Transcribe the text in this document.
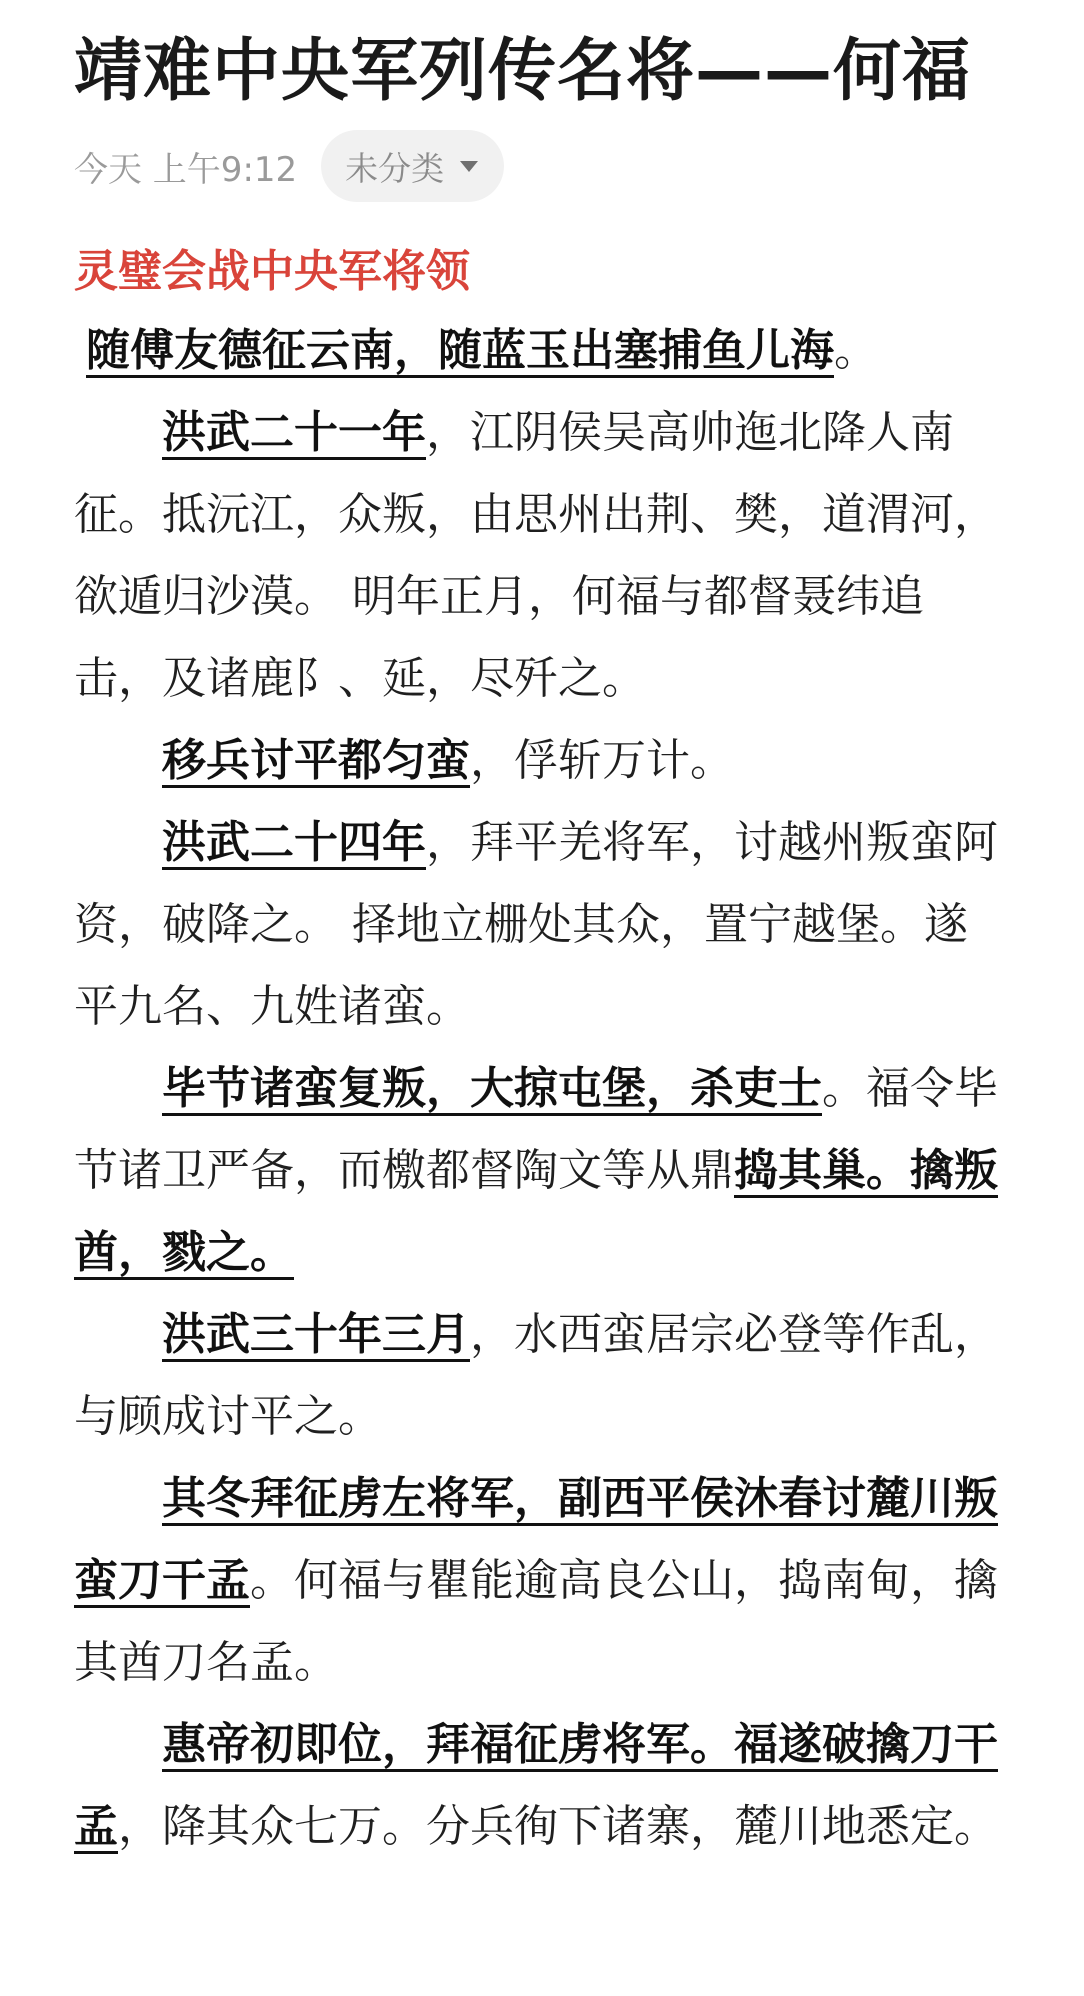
靖难中央军列传名将——何福
今天 上午9:12 未分类
灵璧会战中央军将领

随傅友德征云南，随蓝玉出塞捕鱼儿海。

洪武二十一年，江阴侯吴高帅迤北降人南征。抵沅江，众叛，由思州出荆、樊，道渭河，欲遁归沙漠。 明年正月，何福与都督聂纬追击，及诸鹿阝、延，尽歼之。

移兵讨平都匀蛮，俘斩万计。

洪武二十四年，拜平羌将军，讨越州叛蛮阿资，破降之。 择地立栅处其众，置宁越堡。遂平九名、九姓诸蛮。

毕节诸蛮复叛，大掠屯堡，杀吏士。福令毕节诸卫严备，而檄都督陶文等从鼎捣其巢。擒叛酋，戮之。

洪武三十年三月，水西蛮居宗必登等作乱，与顾成讨平之。

其冬拜征虏左将军，副西平侯沐春讨麓川叛蛮刀干孟。何福与瞿能逾高良公山，捣南甸，擒其酋刀名孟。

惠帝初即位，拜福征虏将军。福遂破擒刀干孟，降其众七万。分兵徇下诸寨，麓川地悉定。
